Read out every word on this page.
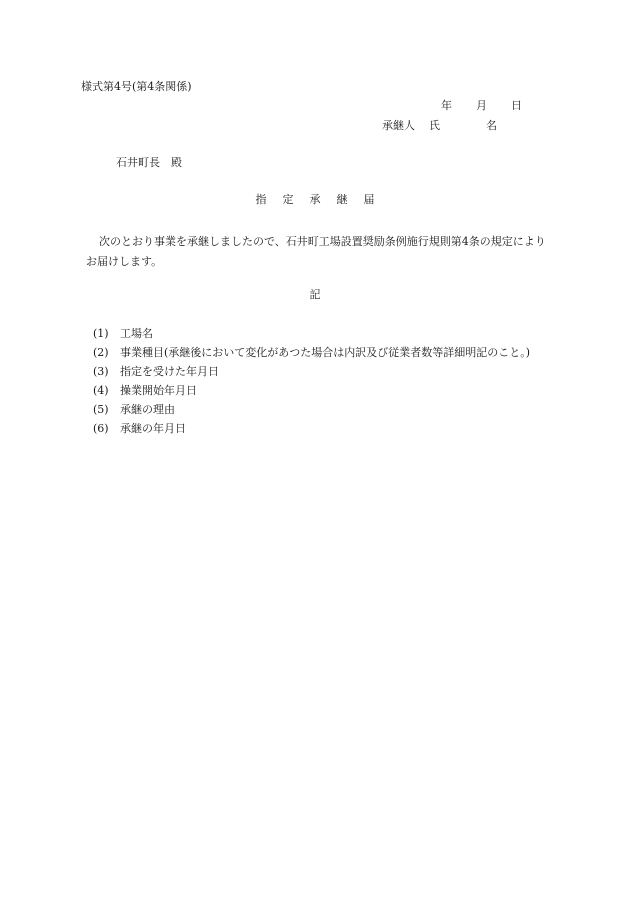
様式第4号(第4条関係)
年 月 日
承継人 氏	名
石井町長 殿
指 定 承 継 届
次のとおり事業を承継しましたので、石井町工場設置奨励条例施行規則第4条の規定によりお届けします。
記
(1)	工場名
(2)	事業種目(承継後において変化があつた場合は内訳及び従業者数等詳細明記のこと。)
(3)	指定を受けた年月日
(4)	操業開始年月日
(5)	承継の理由
(6)	承継の年月日
